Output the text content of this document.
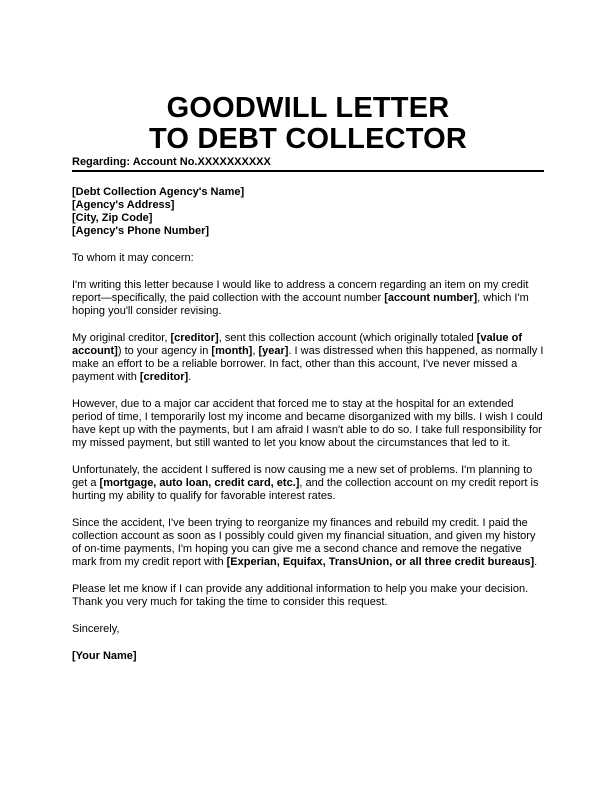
GOODWILL LETTER
TO DEBT COLLECTOR
Regarding: Account No.XXXXXXXXXX
[Debt Collection Agency's Name]
[Agency's Address]
[City, Zip Code]
[Agency's Phone Number]

To whom it may concern:

I'm writing this letter because I would like to address a concern regarding an item on my credit report—specifically, the paid collection with the account number [account number], which I'm hoping you'll consider revising.

My original creditor, [creditor], sent this collection account (which originally totaled [value of account]) to your agency in [month], [year]. I was distressed when this happened, as normally I make an effort to be a reliable borrower. In fact, other than this account, I've never missed a payment with [creditor].

However, due to a major car accident that forced me to stay at the hospital for an extended period of time, I temporarily lost my income and became disorganized with my bills. I wish I could have kept up with the payments, but I am afraid I wasn't able to do so. I take full responsibility for my missed payment, but still wanted to let you know about the circumstances that led to it.

Unfortunately, the accident I suffered is now causing me a new set of problems. I'm planning to get a [mortgage, auto loan, credit card, etc.], and the collection account on my credit report is hurting my ability to qualify for favorable interest rates.

Since the accident, I've been trying to reorganize my finances and rebuild my credit. I paid the collection account as soon as I possibly could given my financial situation, and given my history of on-time payments, I'm hoping you can give me a second chance and remove the negative mark from my credit report with [Experian, Equifax, TransUnion, or all three credit bureaus].

Please let me know if I can provide any additional information to help you make your decision. Thank you very much for taking the time to consider this request.

Sincerely,

[Your Name]
